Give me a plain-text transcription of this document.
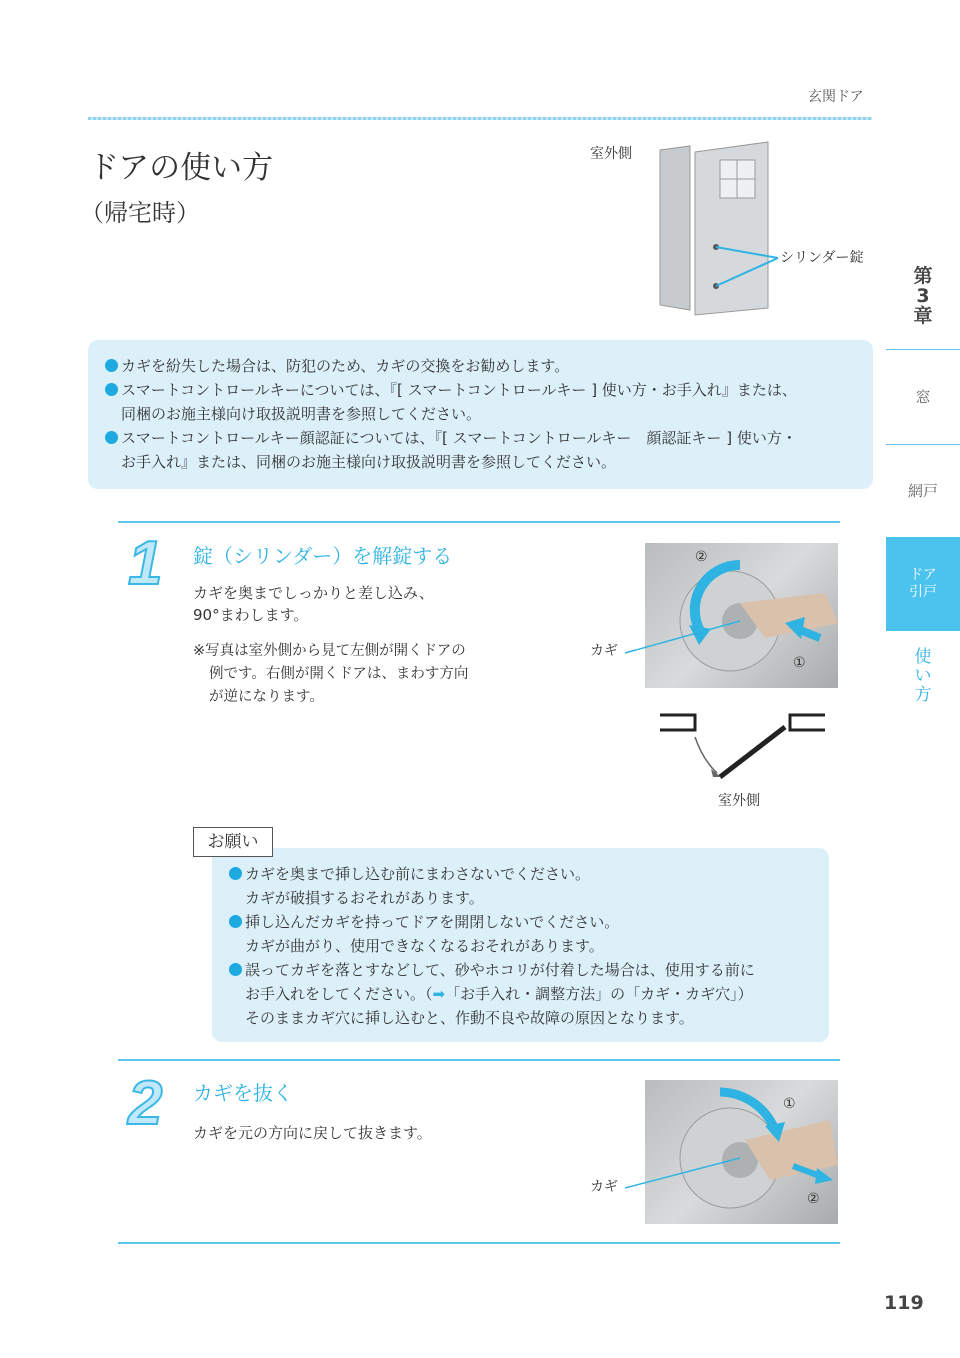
玄関ドア
ドアの使い方
（帰宅時）
室外側
シリンダー錠
第
3
章
窓
網戸
ドア
引戸
使
い
方
カギを紛失した場合は、防犯のため、カギの交換をお勧めします。
スマートコントロールキーについては、『[ スマートコントロールキー ] 使い方・お手入れ』または、
同梱のお施主様向け取扱説明書を参照してください。
スマートコントロールキー顔認証については、『[ スマートコントロールキー　顔認証キー ] 使い方・
お手入れ』または、同梱のお施主様向け取扱説明書を参照してください。
1 錠（シリンダー）を解錠する
カギを奥までしっかりと差し込み、
90°まわします。
※写真は室外側から見て左側が開くドアの
例です。右側が開くドアは、まわす方向
が逆になります。
②
①
カギ
室外側
カギを奥まで挿し込む前にまわさないでください。
カギが破損するおそれがあります。
挿し込んだカギを持ってドアを開閉しないでください。
カギが曲がり、使用できなくなるおそれがあります。
誤ってカギを落とすなどして、砂やホコリが付着した場合は、使用する前に
お手入れをしてください。（➡「お手入れ・調整方法」の「カギ・カギ穴」）
そのままカギ穴に挿し込むと、作動不良や故障の原因となります。
お願い
2 カギを抜く
カギを元の方向に戻して抜きます。
①
②
カギ
119
